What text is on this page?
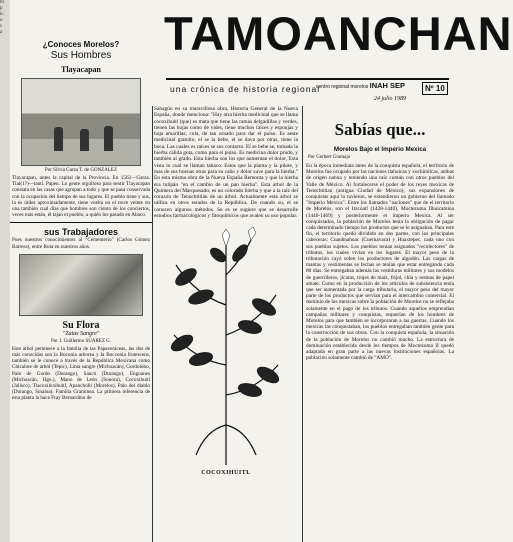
m
p
ic
o
c
a
¿Conoces Morelos?
Sus Hombres
Tlayacapan
Por Silvia Garza T. de GONZALEZ
Tlayacapan, antes la capital de la Provincia. En 1562—Garza. Tlal(1?)—tantí. Papen. Lo gente orgulloso para sentir Tlayacapan constata en las casas que agrupan a todo y que se pasa conservada con la ocupación del tiempo de sus lugares. El pueblo tiene y sus, la es útiles aproximadamente, tiene vuelta en el trece veinte en una también cual días que hombres son ciento de los conciertos, veces más están, él tajan el pueblo, a quién los pasado en Abaco.
sus Trabajadores
Pues nuestros conocimientos al "Cementerio" (Carlos Gómez Barrera), entre Ruta en nuestros años.
Su Flora
"Zatas Sangre"
Por J. Guillermo SUAREZ G.
Este árbol pertenece a la familia de las Papaveráceas, las dos de más conocidas son la Boconia arborea y la Bocconia frutescens, también se le conoce a través de la República Mexicana como Chicalote de árbol (Tepic), Lima sangre (Michoacán), Gordolobo, Palo de Gordo (Durango), Saucó (Durango), Enguanes (Michoacán, Hgo.), Mano de León (Sonora), Cocoxihuitl (Jalisco), Tlacoxiloxihuitl, Apancholli (Morelos), Palo del diablo (Durango, Sinaloa). Familia Gramínea. La primera referencia de esta planta la hace Fray Bernardino de
TAMOANCHAN
una crónica de historia regional
centro regional morelos INAH SEP	Nº 10
24 julio 1989
Sahagún en su maravillosa obra, Historia General de la Nueva España, donde menciona: "Hay otra hierba medicinal que se llama cocoxihuitl (que) es mata que tiene las ramas delgadillas y verdes, tienen las hojas como de vides, tiene muchos raíces y esponjas y hoja amarillas, cola, de tan ornado para dar el pulso. Es aeste medicinal gratuito, el se la bebe, el se dava por otras, tiene la boca. Las cuales es raíces se sus contacto. El se bebe se, tomada la hierba cálida gota, como para el pulso. Es medicina dolor prudo, y también al grado. Esta hierba son los que aumentan el dolor, Esta vista lo cual se llaman tabaco. Estos que la planta y la pilote, y mas de sus buenas otras para su caño y dolor suve para la hierba." En esta misma obra de la Nueva España Remonta y que la hierba era tulipán "en el cambio de un pan hierba". Esta árbol de la Quimera del Marquesado; es un colorado hierba y que a la raíz del corazón de Tenochtitlán de un árbol. Actualmente está árbol se utiliza en otros estados de la República. De cuando su, el se conocen algunos métodos. Se es se sugiere que se desarrolle estudios farmacológicos y fitoquímicos que avalen su uso popular.
COCOXIHUITL
Sabías que...
Morelos Bajo el Imperio Mexica
Por Gerbert Gramajo
En la época inmediata antes de la conquista española, el territorio de Morelos fue ocupado por las naciones tlahuicas y xochimilcas, ambas de origen nahua y teniendo una raíz común con otros pueblos del Valle de México. Al fortalecerse el poder de los reyes mexicas de Tenochtitlan (antigua Ciudad de México), sus expansiones de conquistas aquí lo tuvieron, se extendieron un gobierno del llamado "Imperio Mexica". Entre los llamados "naciones" que de el territorio de Morelos, son el Itzcóatl (1428-1440), Moctezuma Ilhuicamina (1440-1469) y posteriormente el imperio Mexica. Al ser conquistados, la población de Morelos tenía la obligación de pagar cada determinado tiempo los productos que se le asignaban. Para este fin, el territorio quedó dividido en dos partes, con los principales cabeceras: Cuauhnahuac (Cuernavaca) y Huaxtepec, cada uno con sus pueblos sujetos. Los pueblos tenían asignados "recolectores" de tributos, los cuales vivían en los lugares. El mayor peso de la tributación cayó sobre los productores de algodón. Las cargas de mantas y vestimentas se fechas se tenían que estar entregando cada 80 días. Se entregaban además las vestiduras militares y sus modelos de guerrilleros, jícaras, trojes de maíz, frijol, chía y resmas de papel amate. Como en la producción de los artículos de subsistencia tenía que ser aumentada por la carga tributaria, el mayor peso del mayor parte de los productos que servían para el intercambio comercial. El dominio de los mexicas sobre la población de Morelos no se reflejaba solamente en el pago de los tributos. Cuando aquellos emprendían campañas militares y conquistas, requerían de los hombres de Morelos para que también se incorporaran a las guerras. Cuando los mexicas las conquistaban, los pueblos entregaban también gente para la construcción de sus obras. Con la conquista española, la situación de la población de Morelos no cambió mucho. La estructura de dominación establecida desde los tiempos de Moctezuma II quedó adaptada en gran parte a las nuevas instituciones españolas. La población solamente cambió de "AMO".
